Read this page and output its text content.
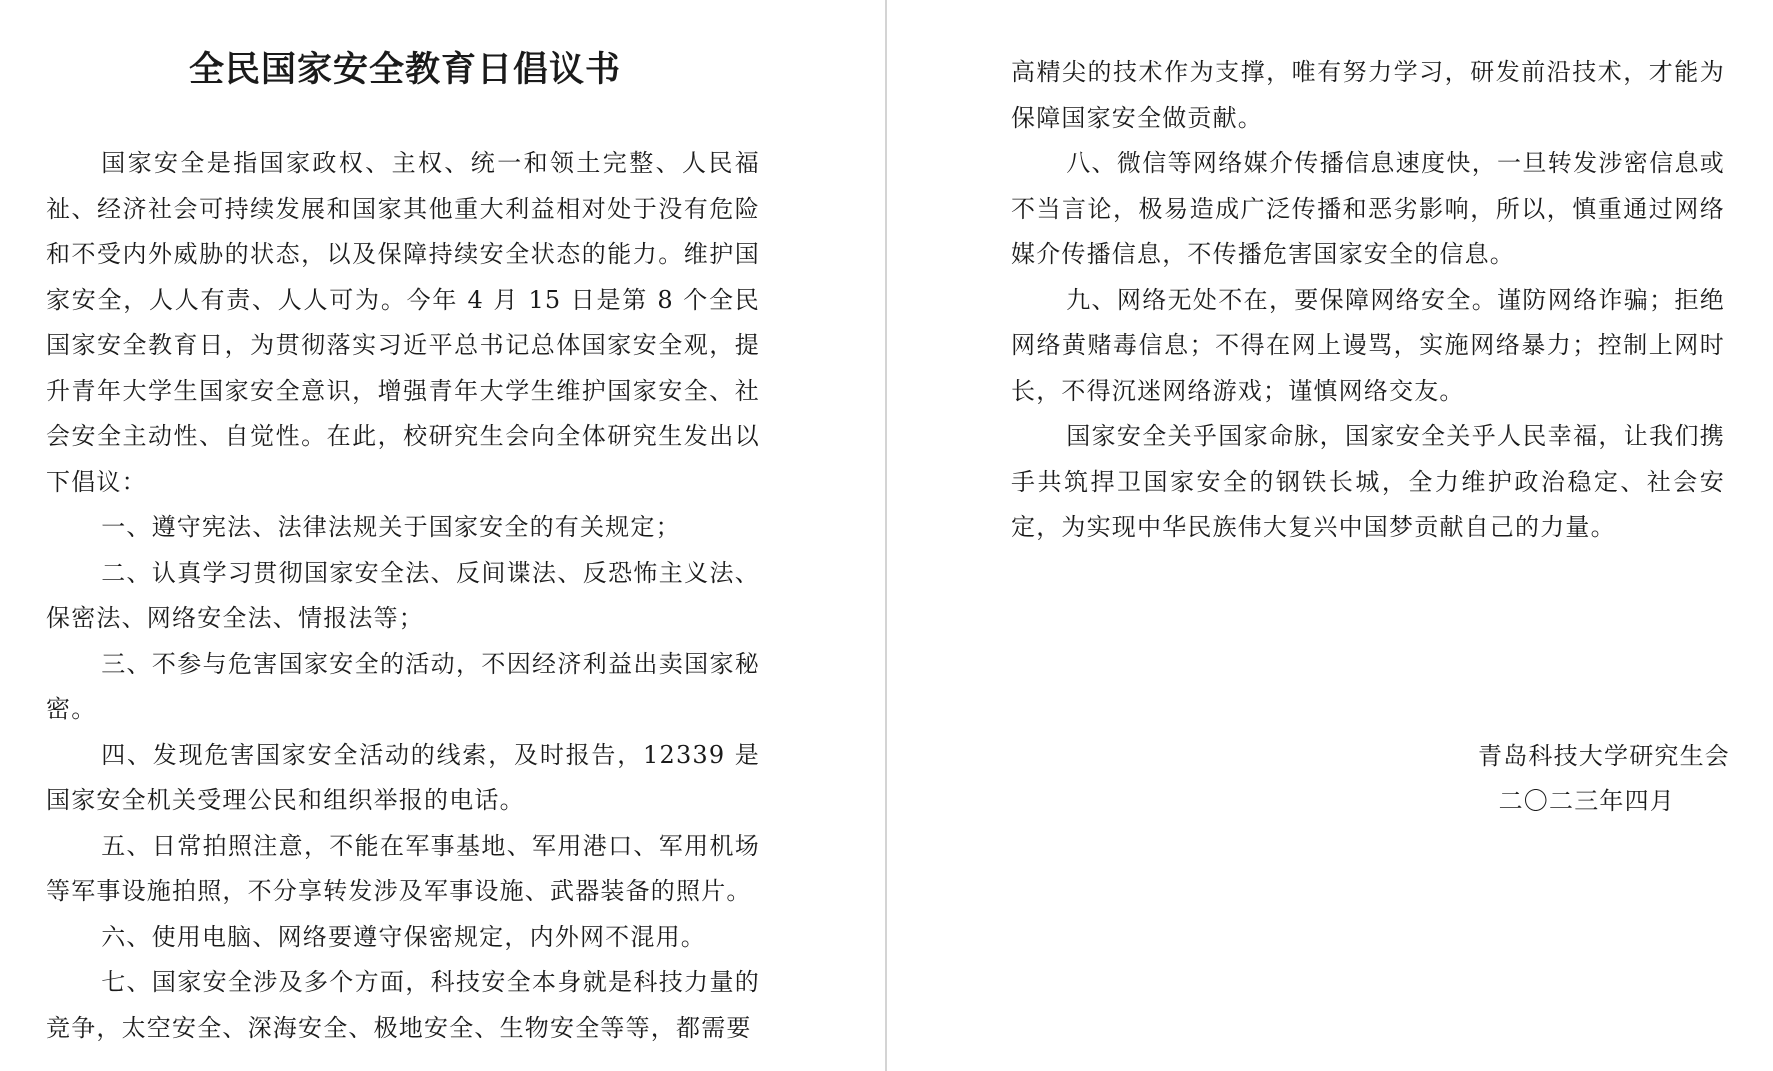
全民国家安全教育日倡议书

国家安全是指国家政权、主权、统一和领土完整、人民福祉、经济社会可持续发展和国家其他重大利益相对处于没有危险和不受内外威胁的状态，以及保障持续安全状态的能力。维护国家安全，人人有责、人人可为。今年 4 月 15 日是第 8 个全民国家安全教育日，为贯彻落实习近平总书记总体国家安全观，提升青年大学生国家安全意识，增强青年大学生维护国家安全、社会安全主动性、自觉性。在此，校研究生会向全体研究生发出以下倡议：

一、遵守宪法、法律法规关于国家安全的有关规定；

二、认真学习贯彻国家安全法、反间谍法、反恐怖主义法、保密法、网络安全法、情报法等；

三、不参与危害国家安全的活动，不因经济利益出卖国家秘密。

四、发现危害国家安全活动的线索，及时报告，12339 是国家安全机关受理公民和组织举报的电话。

五、日常拍照注意，不能在军事基地、军用港口、军用机场等军事设施拍照，不分享转发涉及军事设施、武器装备的照片。

六、使用电脑、网络要遵守保密规定，内外网不混用。

七、国家安全涉及多个方面，科技安全本身就是科技力量的竞争，太空安全、深海安全、极地安全、生物安全等等，都需要

高精尖的技术作为支撑，唯有努力学习，研发前沿技术，才能为保障国家安全做贡献。

八、微信等网络媒介传播信息速度快，一旦转发涉密信息或不当言论，极易造成广泛传播和恶劣影响，所以，慎重通过网络媒介传播信息，不传播危害国家安全的信息。

九、网络无处不在，要保障网络安全。谨防网络诈骗；拒绝网络黄赌毒信息；不得在网上谩骂，实施网络暴力；控制上网时长，不得沉迷网络游戏；谨慎网络交友。

国家安全关乎国家命脉，国家安全关乎人民幸福，让我们携手共筑捍卫国家安全的钢铁长城，全力维护政治稳定、社会安定，为实现中华民族伟大复兴中国梦贡献自己的力量。

青岛科技大学研究生会

二〇二三年四月
